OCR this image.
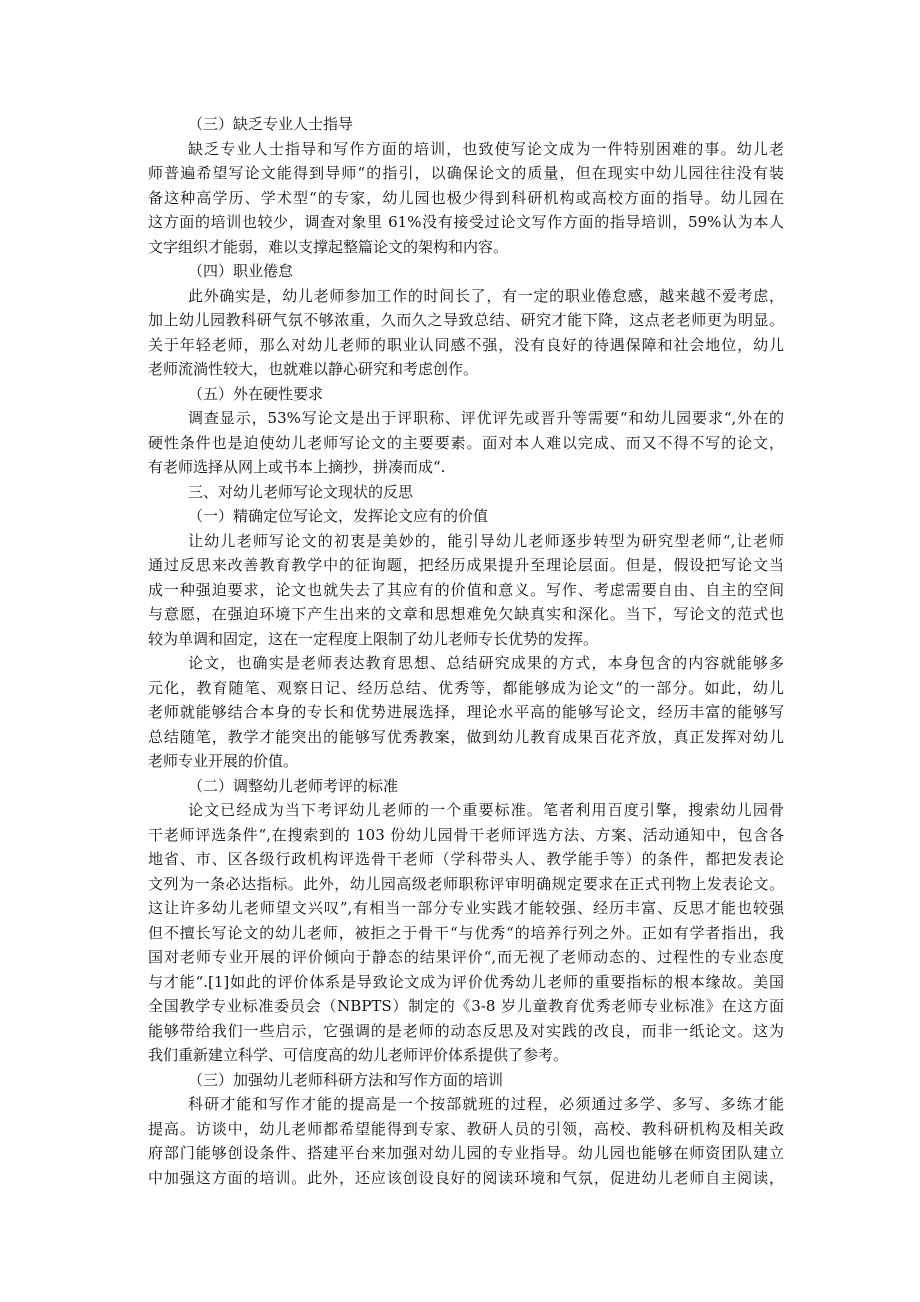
（三）缺乏专业人士指导
缺乏专业人士指导和写作方面的培训，也致使写论文成为一件特别困难的事。幼儿老
师普遍希望写论文能得到导师“的指引，以确保论文的质量，但在现实中幼儿园往往没有装
备这种高学历、学术型“的专家，幼儿园也极少得到科研机构或高校方面的指导。幼儿园在
这方面的培训也较少，调查对象里 61%没有接受过论文写作方面的指导培训，59%认为本人
文字组织才能弱，难以支撑起整篇论文的架构和内容。
（四）职业倦怠
此外确实是，幼儿老师参加工作的时间长了，有一定的职业倦怠感，越来越不爱考虑，
加上幼儿园教科研气氛不够浓重，久而久之导致总结、研究才能下降，这点老老师更为明显。
关于年轻老师，那么对幼儿老师的职业认同感不强，没有良好的待遇保障和社会地位，幼儿
老师流淌性较大，也就难以静心研究和考虑创作。
（五）外在硬性要求
调查显示，53%写论文是出于评职称、评优评先或晋升等需要“和幼儿园要求“,外在的
硬性条件也是迫使幼儿老师写论文的主要要素。面对本人难以完成、而又不得不写的论文，
有老师选择从网上或书本上摘抄，拼凑而成“.
三、对幼儿老师写论文现状的反思
（一）精确定位写论文，发挥论文应有的价值
让幼儿老师写论文的初衷是美妙的，能引导幼儿老师逐步转型为研究型老师“,让老师
通过反思来改善教育教学中的征询题，把经历成果提升至理论层面。但是，假设把写论文当
成一种强迫要求，论文也就失去了其应有的价值和意义。写作、考虑需要自由、自主的空间
与意愿，在强迫环境下产生出来的文章和思想难免欠缺真实和深化。当下，写论文的范式也
较为单调和固定，这在一定程度上限制了幼儿老师专长优势的发挥。
论文，也确实是老师表达教育思想、总结研究成果的方式，本身包含的内容就能够多
元化，教育随笔、观察日记、经历总结、优秀等，都能够成为论文“的一部分。如此，幼儿
老师就能够结合本身的专长和优势进展选择，理论水平高的能够写论文，经历丰富的能够写
总结随笔，教学才能突出的能够写优秀教案，做到幼儿教育成果百花齐放，真正发挥对幼儿
老师专业开展的价值。
（二）调整幼儿老师考评的标准
论文已经成为当下考评幼儿老师的一个重要标准。笔者利用百度引擎，搜索幼儿园骨
干老师评选条件“,在搜索到的 103 份幼儿园骨干老师评选方法、方案、活动通知中，包含各
地省、市、区各级行政机构评选骨干老师（学科带头人、教学能手等）的条件，都把发表论
文列为一条必达指标。此外，幼儿园高级老师职称评审明确规定要求在正式刊物上发表论文。
这让许多幼儿老师望文兴叹”,有相当一部分专业实践才能较强、经历丰富、反思才能也较强
但不擅长写论文的幼儿老师，被拒之于骨干“与优秀“的培养行列之外。正如有学者指出，我
国对老师专业开展的评价倾向于静态的结果评价“,而无视了老师动态的、过程性的专业态度
与才能“.[1]如此的评价体系是导致论文成为评价优秀幼儿老师的重要指标的根本缘故。美国
全国教学专业标准委员会（NBPTS）制定的《3-8 岁儿童教育优秀老师专业标准》在这方面
能够带给我们一些启示，它强调的是老师的动态反思及对实践的改良，而非一纸论文。这为
我们重新建立科学、可信度高的幼儿老师评价体系提供了参考。
（三）加强幼儿老师科研方法和写作方面的培训
科研才能和写作才能的提高是一个按部就班的过程，必须通过多学、多写、多练才能
提高。访谈中，幼儿老师都希望能得到专家、教研人员的引领，高校、教科研机构及相关政
府部门能够创设条件、搭建平台来加强对幼儿园的专业指导。幼儿园也能够在师资团队建立
中加强这方面的培训。此外，还应该创设良好的阅读环境和气氛，促进幼儿老师自主阅读，
